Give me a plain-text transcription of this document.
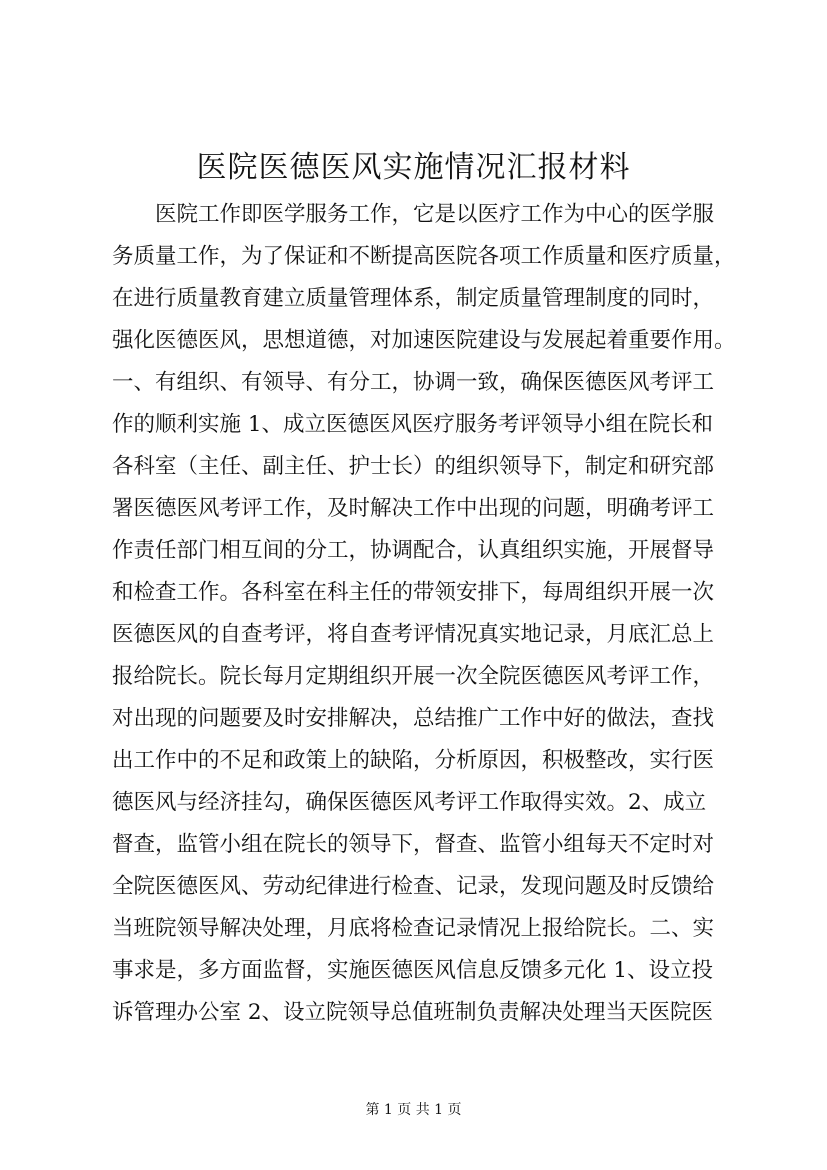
医院医德医风实施情况汇报材料
医院工作即医学服务工作，它是以医疗工作为中心的医学服
务质量工作，为了保证和不断提高医院各项工作质量和医疗质量，
在进行质量教育建立质量管理体系，制定质量管理制度的同时，
强化医德医风，思想道德，对加速医院建设与发展起着重要作用。
一、有组织、有领导、有分工，协调一致，确保医德医风考评工
作的顺利实施 1、成立医德医风医疗服务考评领导小组在院长和
各科室（主任、副主任、护士长）的组织领导下，制定和研究部
署医德医风考评工作，及时解决工作中出现的问题，明确考评工
作责任部门相互间的分工，协调配合，认真组织实施，开展督导
和检查工作。各科室在科主任的带领安排下，每周组织开展一次
医德医风的自查考评，将自查考评情况真实地记录，月底汇总上
报给院长。院长每月定期组织开展一次全院医德医风考评工作，
对出现的问题要及时安排解决，总结推广工作中好的做法，查找
出工作中的不足和政策上的缺陷，分析原因，积极整改，实行医
德医风与经济挂勾，确保医德医风考评工作取得实效。2、成立
督查，监管小组在院长的领导下，督查、监管小组每天不定时对
全院医德医风、劳动纪律进行检查、记录，发现问题及时反馈给
当班院领导解决处理，月底将检查记录情况上报给院长。二、实
事求是，多方面监督，实施医德医风信息反馈多元化 1、设立投
诉管理办公室 2、设立院领导总值班制负责解决处理当天医院医
第 1 页 共 1 页
